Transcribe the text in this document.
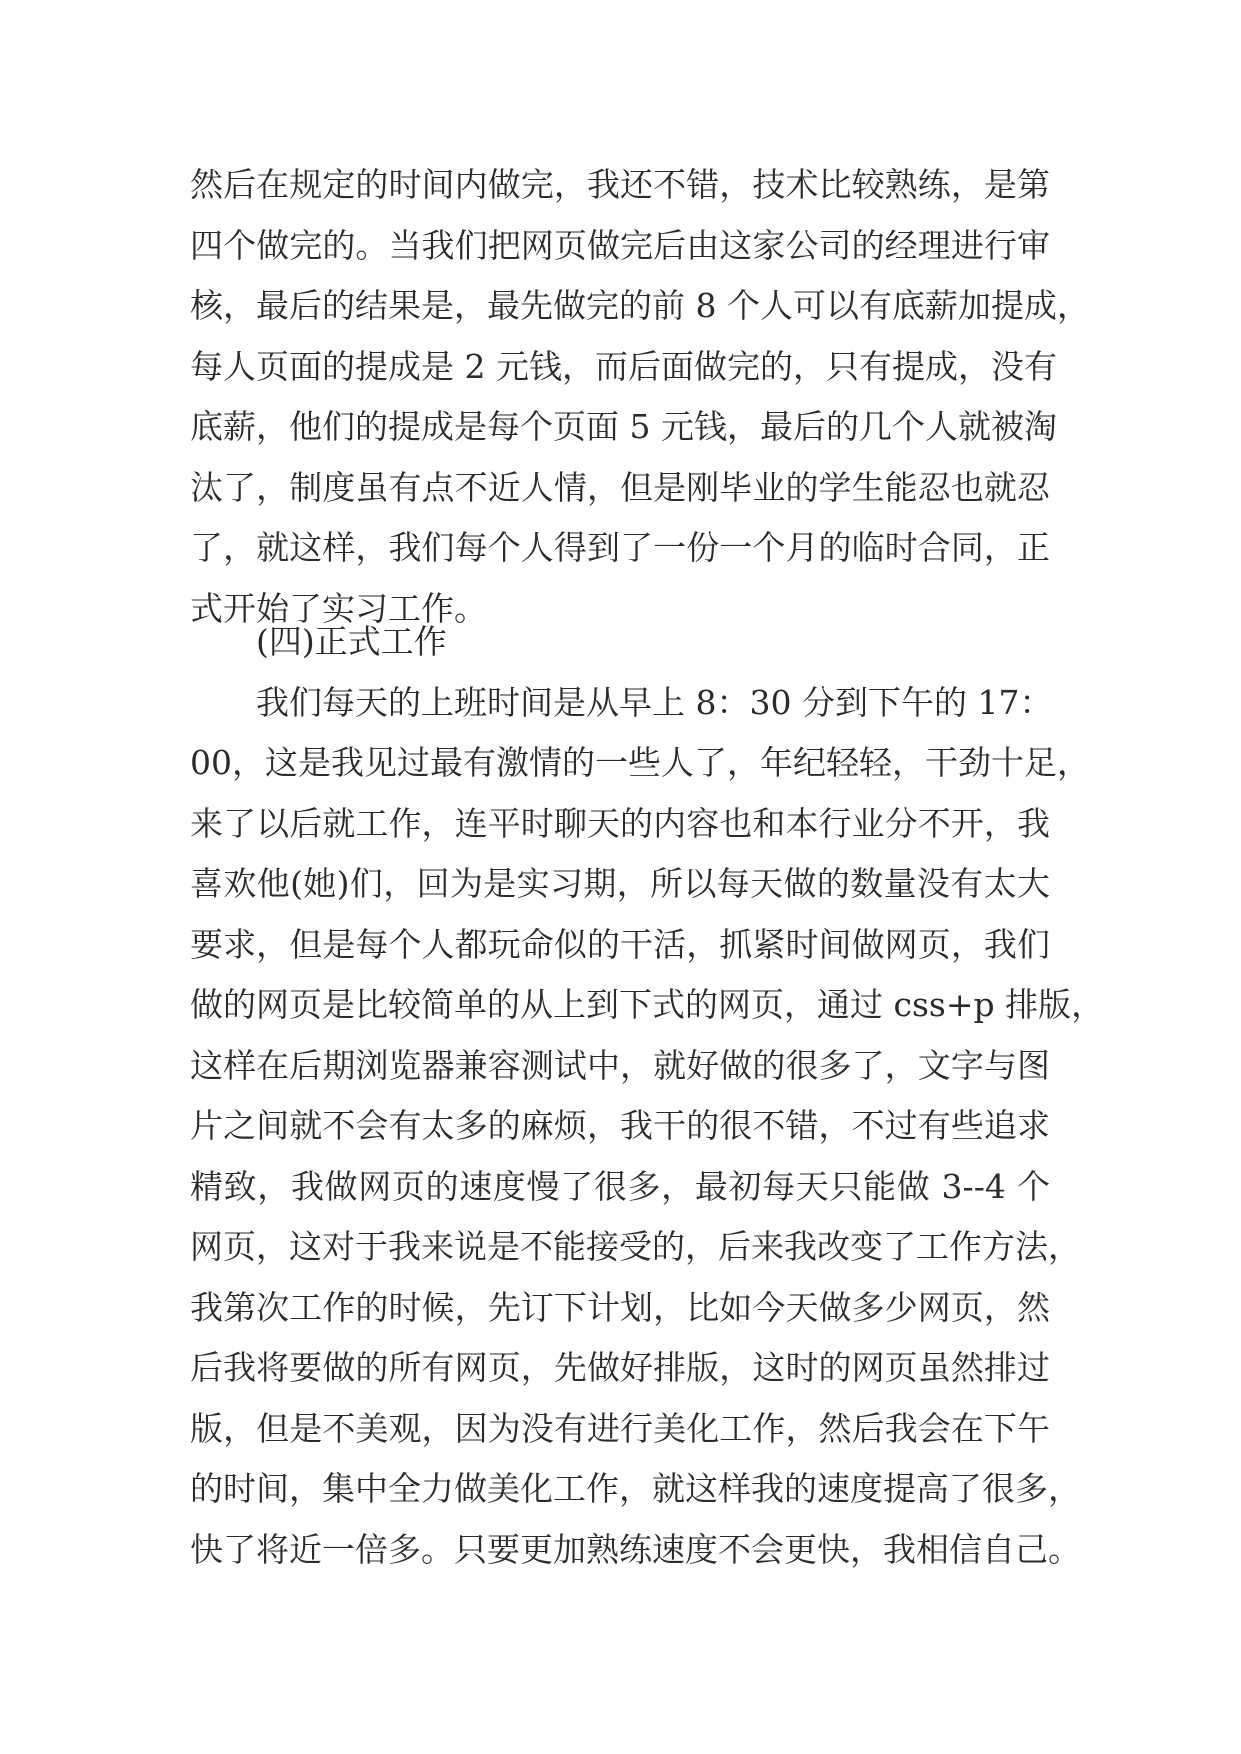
然后在规定的时间内做完，我还不错，技术比较熟练，是第
四个做完的。当我们把网页做完后由这家公司的经理进行审
核，最后的结果是，最先做完的前 8 个人可以有底薪加提成，
每人页面的提成是 2 元钱，而后面做完的，只有提成，没有
底薪，他们的提成是每个页面 5 元钱，最后的几个人就被淘
汰了，制度虽有点不近人情，但是刚毕业的学生能忍也就忍
了，就这样，我们每个人得到了一份一个月的临时合同，正
式开始了实习工作。
(四)正式工作
我们每天的上班时间是从早上 8：30 分到下午的 17：
00，这是我见过最有激情的一些人了，年纪轻轻，干劲十足，
来了以后就工作，连平时聊天的内容也和本行业分不开，我
喜欢他(她)们，回为是实习期，所以每天做的数量没有太大
要求，但是每个人都玩命似的干活，抓紧时间做网页，我们
做的网页是比较简单的从上到下式的网页，通过 css+p 排版，
这样在后期浏览器兼容测试中，就好做的很多了，文字与图
片之间就不会有太多的麻烦，我干的很不错，不过有些追求
精致，我做网页的速度慢了很多，最初每天只能做 3--4 个
网页，这对于我来说是不能接受的，后来我改变了工作方法，
我第次工作的时候，先订下计划，比如今天做多少网页，然
后我将要做的所有网页，先做好排版，这时的网页虽然排过
版，但是不美观，因为没有进行美化工作，然后我会在下午
的时间，集中全力做美化工作，就这样我的速度提高了很多，
快了将近一倍多。只要更加熟练速度不会更快，我相信自己。
